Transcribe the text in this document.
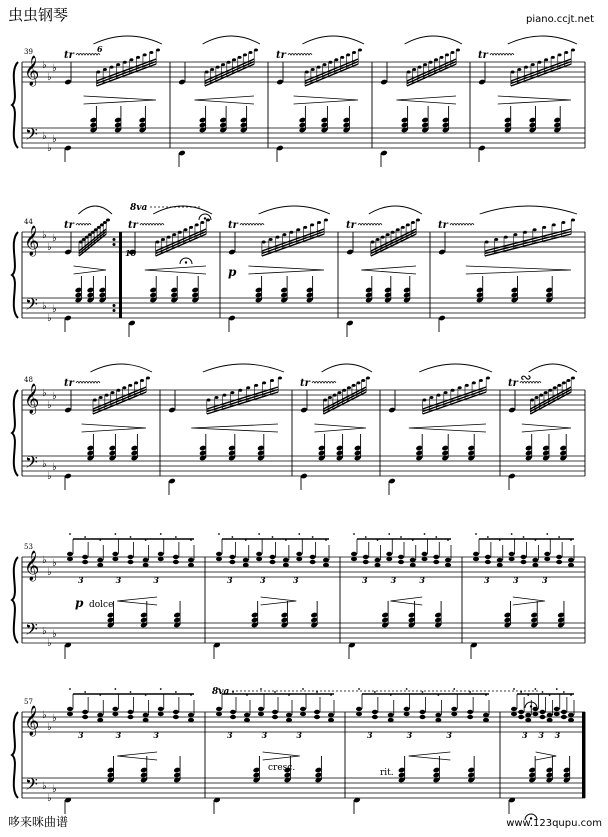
虫虫钢琴	piano.ccjt.net
𝄞
𝄢
♭
♭
♭
♭
♭
♭
39	tr	tr	tr
𝄞
𝄢
♭
♭
♭
♭
♭
♭
44	tr	tr	tr	tr	tr
𝄞
𝄢
♭
♭
♭
♭
♭
♭
48	tr	tr	tr
𝄞
𝄢
♭
♭
♭
♭
♭
♭
53
3	3	3	3	3	3	3	3	3	3	3	3
𝄞
𝄢
♭
♭
♭
♭
♭
♭
57
3	3	3	3	3	3	3	3	3	3 3 3
8va
10
p
6
p dolce
8va
cresc.	rit.
∾
哆来咪曲谱	www.123qupu.com
